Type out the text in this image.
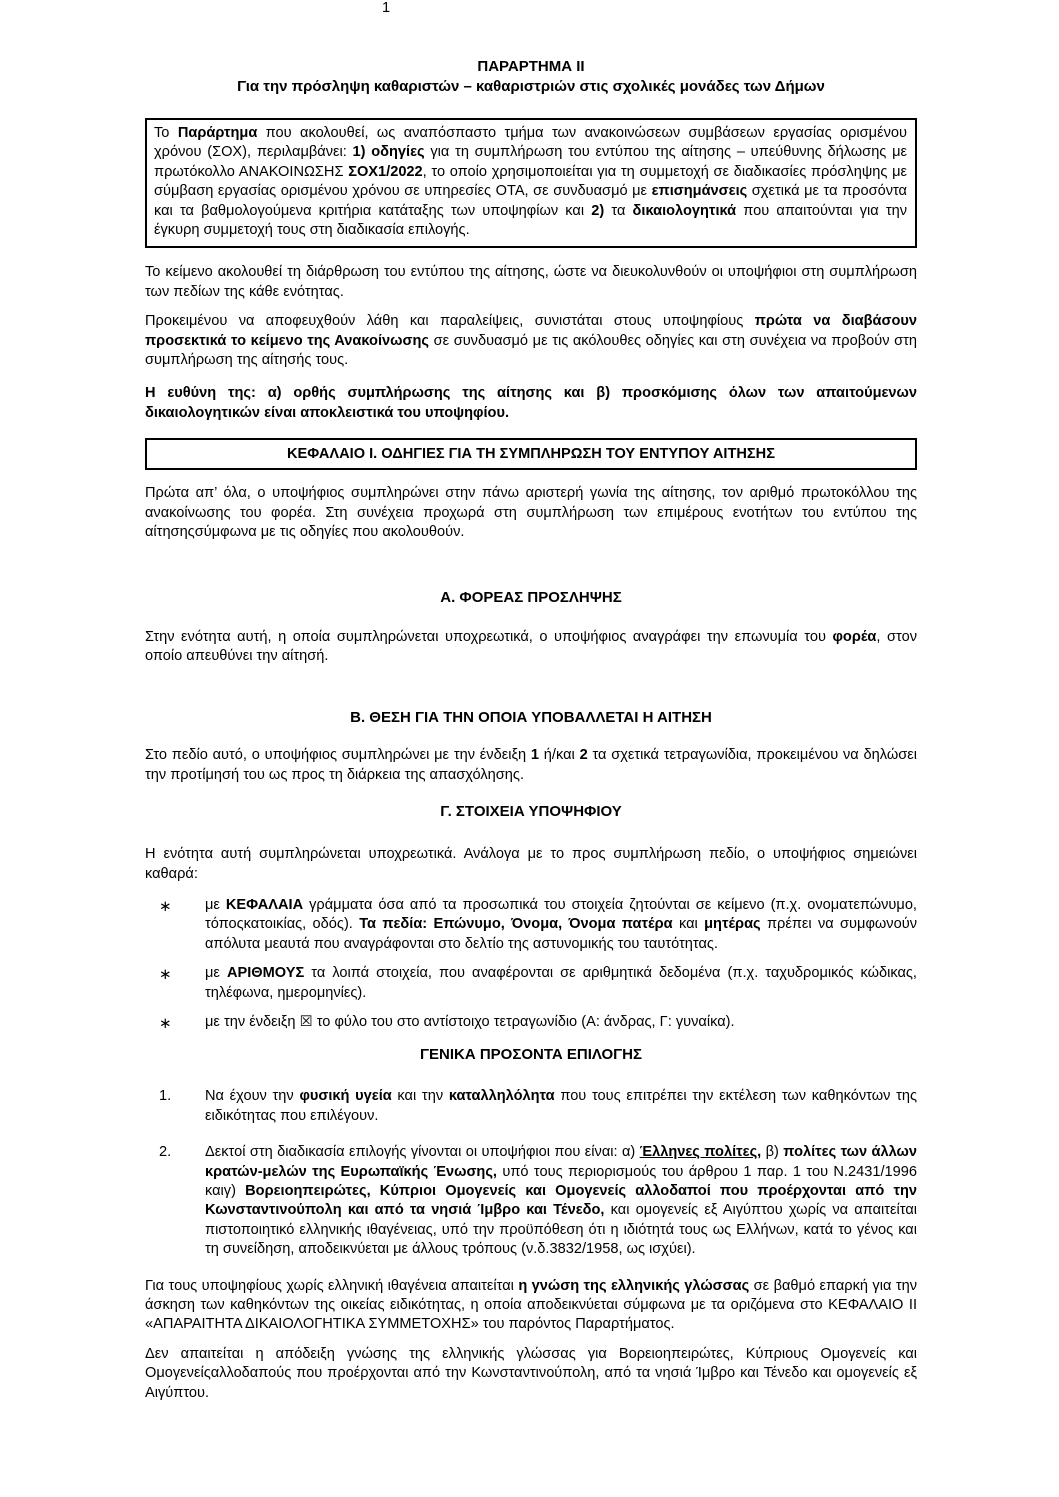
ΠΑΡΑΡΤΗΜΑ ΙΙ
Για την πρόσληψη καθαριστών – καθαριστριών στις σχολικές μονάδες των Δήμων

Το Παράρτημα που ακολουθεί, ως αναπόσπαστο τμήμα των ανακοινώσεων συμβάσεων εργασίας ορισμένου χρόνου (ΣΟΧ), περιλαμβάνει: 1) οδηγίες για τη συμπλήρωση του εντύπου της αίτησης – υπεύθυνης δήλωσης με πρωτόκολλο ΑΝΑΚΟΙΝΩΣΗΣ ΣΟΧ1/2022, το οποίο χρησιμοποιείται για τη συμμετοχή σε διαδικασίες πρόσληψης με σύμβαση εργασίας ορισμένου χρόνου σε υπηρεσίες ΟΤΑ, σε συνδυασμό με επισημάνσεις σχετικά με τα προσόντα και τα βαθμολογούμενα κριτήρια κατάταξης των υποψηφίων και 2) τα δικαιολογητικά που απαιτούνται για την έγκυρη συμμετοχή τους στη διαδικασία επιλογής.

Το κείμενο ακολουθεί τη διάρθρωση του εντύπου της αίτησης, ώστε να διευκολυνθούν οι υποψήφιοι στη συμπλήρωση των πεδίων της κάθε ενότητας.

Προκειμένου να αποφευχθούν λάθη και παραλείψεις, συνιστάται στους υποψηφίους πρώτα να διαβάσουν προσεκτικά το κείμενο της Ανακοίνωσης σε συνδυασμό με τις ακόλουθες οδηγίες και στη συνέχεια να προβούν στη συμπλήρωση της αίτησής τους.

Η ευθύνη της: α) ορθής συμπλήρωσης της αίτησης και β) προσκόμισης όλων των απαιτούμενων δικαιολογητικών είναι αποκλειστικά του υποψηφίου.

ΚΕΦΑΛΑΙΟ Ι. ΟΔΗΓΙΕΣ ΓΙΑ ΤΗ ΣΥΜΠΛΗΡΩΣΗ ΤΟΥ ΕΝΤΥΠΟΥ ΑΙΤΗΣΗΣ

Πρώτα απ’ όλα, ο υποψήφιος συμπληρώνει στην πάνω αριστερή γωνία της αίτησης, τον αριθμό πρωτοκόλλου της ανακοίνωσης του φορέα. Στη συνέχεια προχωρά στη συμπλήρωση των επιμέρους ενοτήτων του εντύπου της αίτησηςσύμφωνα με τις οδηγίες που ακολουθούν.

Α. ΦΟΡΕΑΣ ΠΡΟΣΛΗΨΗΣ

Στην ενότητα αυτή, η οποία συμπληρώνεται υποχρεωτικά, ο υποψήφιος αναγράφει την επωνυμία του φορέα, στον οποίο απευθύνει την αίτησή.

Β. ΘΕΣΗ ΓΙΑ ΤΗΝ ΟΠΟΙΑ ΥΠΟΒΑΛΛΕΤΑΙ Η ΑΙΤΗΣΗ

Στο πεδίο αυτό, ο υποψήφιος συμπληρώνει με την ένδειξη 1 ή/και 2 τα σχετικά τετραγωνίδια, προκειμένου να δηλώσει την προτίμησή του ως προς τη διάρκεια της απασχόλησης.

Γ. ΣΤΟΙΧΕΙΑ ΥΠΟΨΗΦΙΟΥ

Η ενότητα αυτή συμπληρώνεται υποχρεωτικά. Ανάλογα με το προς συμπλήρωση πεδίο, ο υποψήφιος σημειώνει καθαρά:

∗ με ΚΕΦΑΛΑΙΑ γράμματα όσα από τα προσωπικά του στοιχεία ζητούνται σε κείμενο (π.χ. ονοματεπώνυμο, τόποςκατοικίας, οδός). Τα πεδία: Επώνυμο, Όνομα, Όνομα πατέρα και μητέρας πρέπει να συμφωνούν απόλυτα μεαυτά που αναγράφονται στο δελτίο της αστυνομικής του ταυτότητας.
∗ με ΑΡΙΘΜΟΥΣ τα λοιπά στοιχεία, που αναφέρονται σε αριθμητικά δεδομένα (π.χ. ταχυδρομικός κώδικας, τηλέφωνα, ημερομηνίες).
∗ με την ένδειξη ☒ το φύλο του στο αντίστοιχο τετραγωνίδιο (Α: άνδρας, Γ: γυναίκα).
ΓΕΝΙΚΑ ΠΡΟΣΟΝΤΑ ΕΠΙΛΟΓΗΣ
1. Να έχουν την φυσική υγεία και την καταλληλόλητα που τους επιτρέπει την εκτέλεση των καθηκόντων της ειδικότητας που επιλέγουν.
2. Δεκτοί στη διαδικασία επιλογής γίνονται οι υποψήφιοι που είναι: α) Έλληνες πολίτες, β) πολίτες των άλλων κρατών-μελών της Ευρωπαϊκής Ένωσης, υπό τους περιορισμούς του άρθρου 1 παρ. 1 του Ν.2431/1996 καιγ) Βορειοηπειρώτες, Κύπριοι Ομογενείς και Ομογενείς αλλοδαποί που προέρχονται από την Κωνσταντινούπολη και από τα νησιά Ίμβρο και Τένεδο, και ομογενείς εξ Αιγύπτου χωρίς να απαιτείται πιστοποιητικό ελληνικής ιθαγένειας, υπό την προϋπόθεση ότι η ιδιότητά τους ως Ελλήνων, κατά το γένος και τη συνείδηση, αποδεικνύεται με άλλους τρόπους (ν.δ.3832/1958, ως ισχύει).

Για τους υποψηφίους χωρίς ελληνική ιθαγένεια απαιτείται η γνώση της ελληνικής γλώσσας σε βαθμό επαρκή για την άσκηση των καθηκόντων της οικείας ειδικότητας, η οποία αποδεικνύεται σύμφωνα με τα οριζόμενα στο ΚΕΦΑΛΑΙΟ ΙΙ «ΑΠΑΡΑΙΤΗΤΑ ΔΙΚΑΙΟΛΟΓΗΤΙΚΑ ΣΥΜΜΕΤΟΧΗΣ» του παρόντος Παραρτήματος.

Δεν απαιτείται η απόδειξη γνώσης της ελληνικής γλώσσας για Βορειοηπειρώτες, Κύπριους Ομογενείς και Ομογενείςαλλοδαπούς που προέρχονται από την Κωνσταντινούπολη, από τα νησιά Ίμβρο και Τένεδο και ομογενείς εξ Αιγύπτου.

1
